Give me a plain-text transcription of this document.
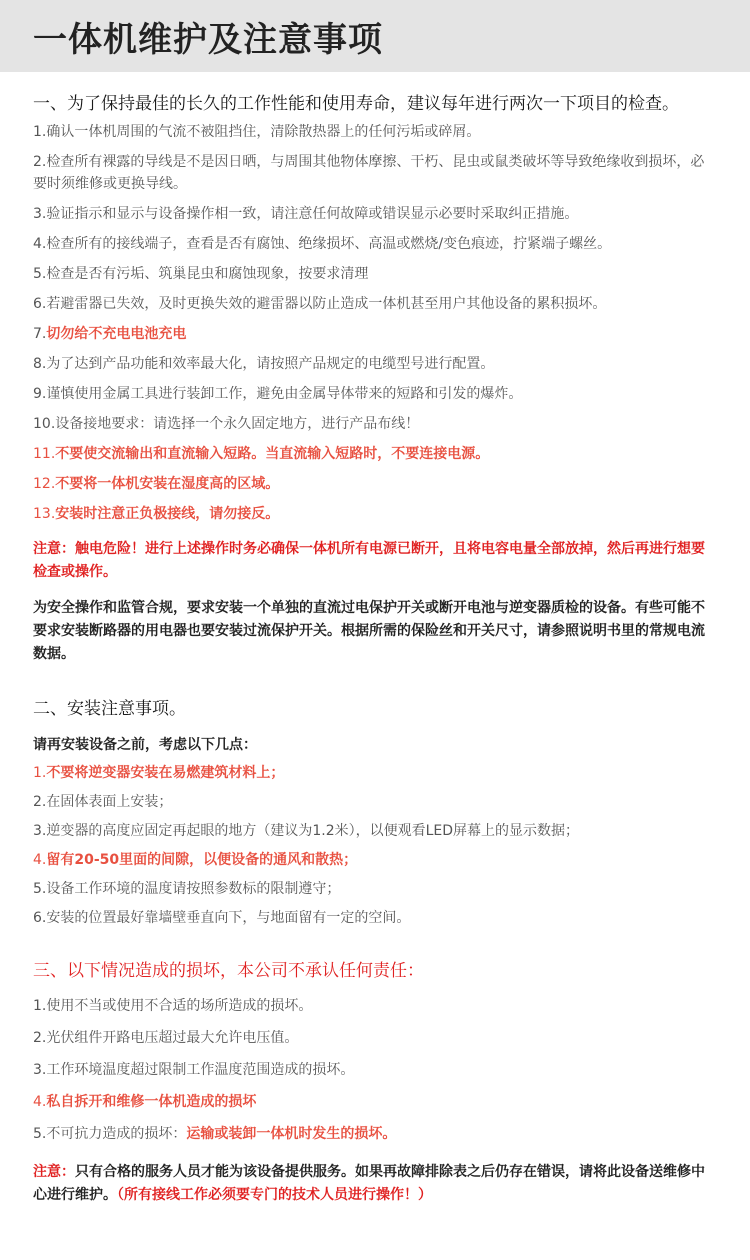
一体机维护及注意事项
一、为了保持最佳的长久的工作性能和使用寿命，建议每年进行两次一下项目的检查。
1.确认一体机周围的气流不被阻挡住，清除散热器上的任何污垢或碎屑。
2.检查所有裸露的导线是不是因日晒，与周围其他物体摩擦、干朽、昆虫或鼠类破坏等导致绝缘收到损坏，必要时须维修或更换导线。
3.验证指示和显示与设备操作相一致，请注意任何故障或错误显示必要时采取纠正措施。
4.检查所有的接线端子，查看是否有腐蚀、绝缘损坏、高温或燃烧/变色痕迹，拧紧端子螺丝。
5.检查是否有污垢、筑巢昆虫和腐蚀现象，按要求清理
6.若避雷器已失效，及时更换失效的避雷器以防止造成一体机甚至用户其他设备的累积损坏。
7.切勿给不充电电池充电
8.为了达到产品功能和效率最大化，请按照产品规定的电缆型号进行配置。
9.谨慎使用金属工具进行装卸工作，避免由金属导体带来的短路和引发的爆炸。
10.设备接地要求：请选择一个永久固定地方，进行产品布线！
11.不要使交流输出和直流输入短路。当直流输入短路时，不要连接电源。
12.不要将一体机安装在湿度高的区域。
13.安装时注意正负极接线，请勿接反。
注意：触电危险！进行上述操作时务必确保一体机所有电源已断开，且将电容电量全部放掉，然后再进行想要检查或操作。
为安全操作和监管合规，要求安装一个单独的直流过电保护开关或断开电池与逆变器质检的设备。有些可能不要求安装断路器的用电器也要安装过流保护开关。根据所需的保险丝和开关尺寸，请参照说明书里的常规电流数据。
二、安装注意事项。
请再安装设备之前，考虑以下几点：
1.不要将逆变器安装在易燃建筑材料上；
2.在固体表面上安装；
3.逆变器的高度应固定再起眼的地方（建议为1.2米），以便观看LED屏幕上的显示数据；
4.留有20-50里面的间隙，以便设备的通风和散热；
5.设备工作环境的温度请按照参数标的限制遵守；
6.安装的位置最好靠墙壁垂直向下，与地面留有一定的空间。
三、以下情况造成的损坏，本公司不承认任何责任：
1.使用不当或使用不合适的场所造成的损坏。
2.光伏组件开路电压超过最大允许电压值。
3.工作环境温度超过限制工作温度范围造成的损坏。
4.私自拆开和维修一体机造成的损坏
5.不可抗力造成的损坏：运输或装卸一体机时发生的损坏。
注意：只有合格的服务人员才能为该设备提供服务。如果再故障排除表之后仍存在错误，请将此设备送维修中心进行维护。（所有接线工作必须要专门的技术人员进行操作！）
